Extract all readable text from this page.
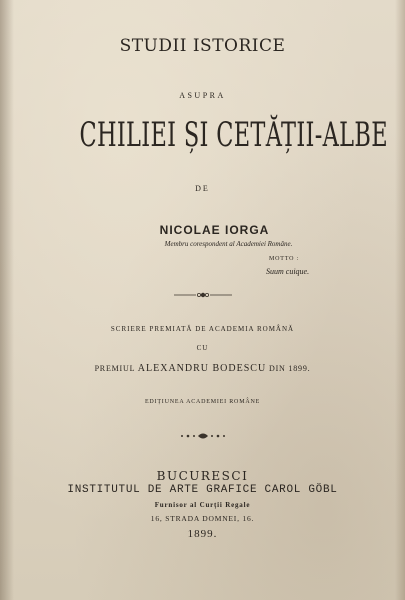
STUDII ISTORICE
ASUPRA
CHILIEI ȘI CETĂȚII-ALBE
DE
NICOLAE IORGA
Membru corespondent al Academiei Române.
MOTTO :
Suum cuique.
SCRIERE PREMIATĂ DE ACADEMIA ROMÂNĂ
CU
PREMIUL ALEXANDRU BODESCU DIN 1899.
EDIȚIUNEA ACADEMIEI ROMÂNE
BUCURESCI
INSTITUTUL DE ARTE GRAFICE CAROL GÖBL
Furnisor al Curții Regale
16, STRADA DOMNEI, 16.
1899.
